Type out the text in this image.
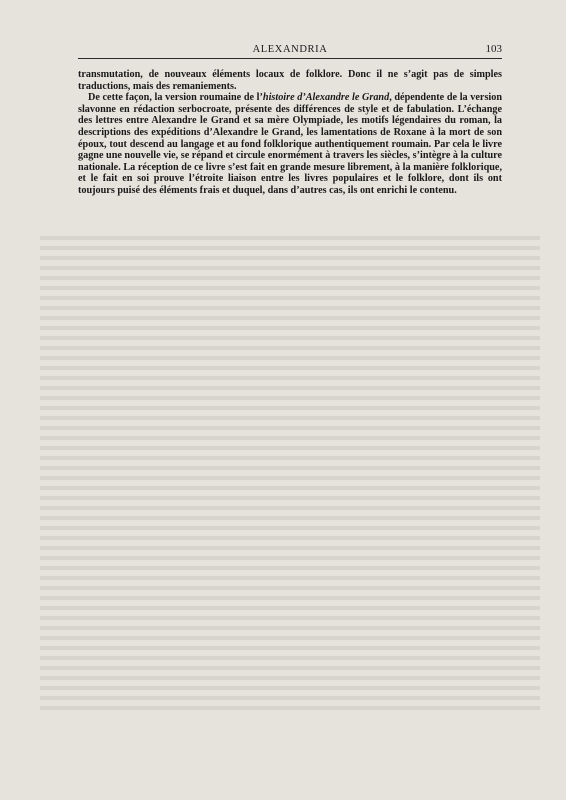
ALEXANDRIA	103

transmutation, de nouveaux éléments locaux de folklore. Donc il ne s’agit pas de simples traductions, mais des remaniements.

De cette façon, la version roumaine de l’histoire d’Alexandre le Grand, dépendente de la version slavonne en rédaction serbocroate, présente des différences de style et de fabulation. L’échange des lettres entre Alexandre le Grand et sa mère Olympiade, les motifs légendaires du roman, la descriptions des expéditions d’Alexandre le Grand, les lamentations de Roxane à la mort de son époux, tout descend au langage et au fond folklorique authentiquement roumain. Par cela le livre gagne une nouvelle vie, se répand et circule enormément à travers les siècles, s’intègre à la culture nationale. La réception de ce livre s’est fait en grande mesure librement, à la manière folklorique, et le fait en soi prouve l’étroite liaison entre les livres populaires et le folklore, dont ils ont toujours puisé des éléments frais et duquel, dans d’autres cas, ils ont enrichi le contenu.
